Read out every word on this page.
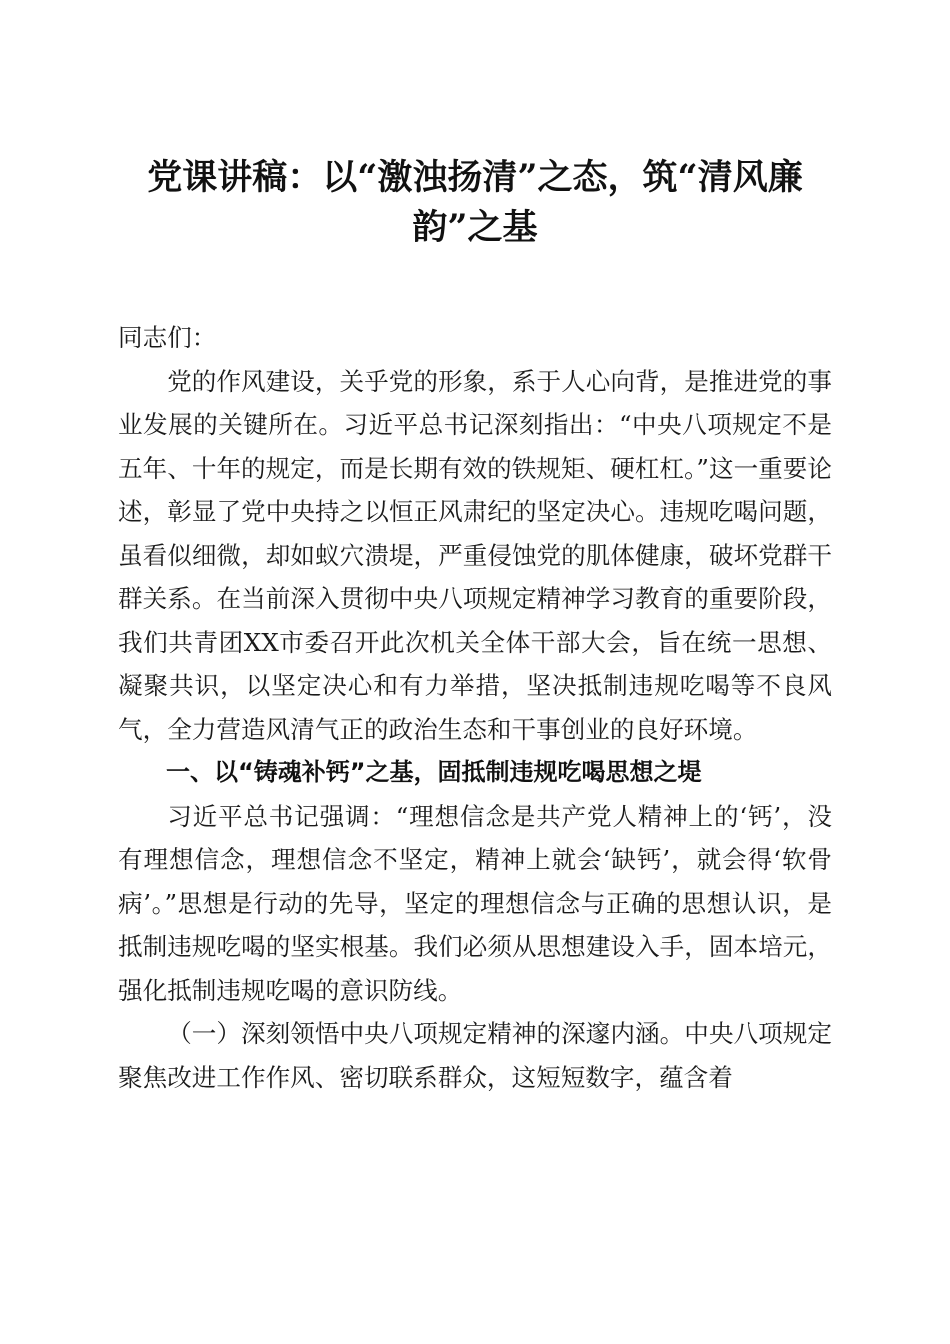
党课讲稿：以“激浊扬清”之态，筑“清风廉韵”之基

同志们：

党的作风建设，关乎党的形象，系于人心向背，是推进党的事业发展的关键所在。习近平总书记深刻指出：“中央八项规定不是五年、十年的规定，而是长期有效的铁规矩、硬杠杠。”这一重要论述，彰显了党中央持之以恒正风肃纪的坚定决心。违规吃喝问题，虽看似细微，却如蚁穴溃堤，严重侵蚀党的肌体健康，破坏党群干群关系。在当前深入贯彻中央八项规定精神学习教育的重要阶段，我们共青团XX市委召开此次机关全体干部大会，旨在统一思想、凝聚共识，以坚定决心和有力举措，坚决抵制违规吃喝等不良风气，全力营造风清气正的政治生态和干事创业的良好环境。

一、以“铸魂补钙”之基，固抵制违规吃喝思想之堤

习近平总书记强调：“理想信念是共产党人精神上的‘钙’，没有理想信念，理想信念不坚定，精神上就会‘缺钙’，就会得‘软骨病’。”思想是行动的先导，坚定的理想信念与正确的思想认识，是抵制违规吃喝的坚实根基。我们必须从思想建设入手，固本培元，强化抵制违规吃喝的意识防线。

（一）深刻领悟中央八项规定精神的深邃内涵。中央八项规定聚焦改进工作作风、密切联系群众，这短短数字，蕴含着
